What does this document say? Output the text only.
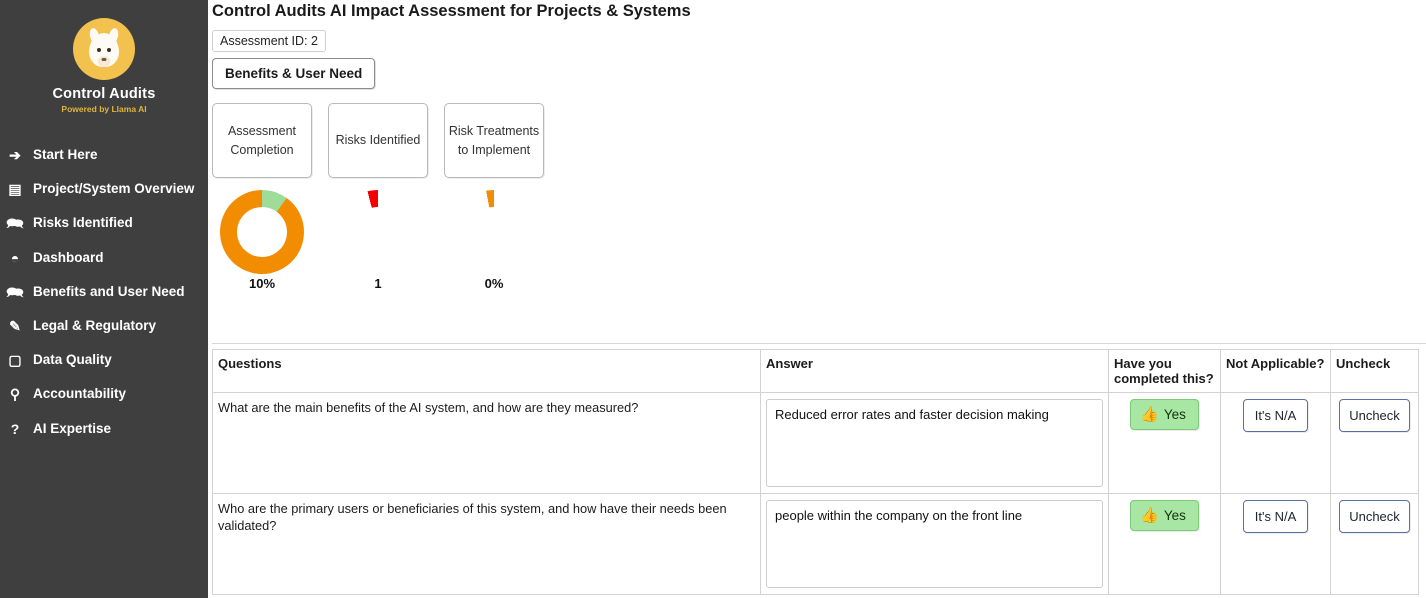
Control Audits
Powered by Llama AI
➔ Start Here
▤ Project/System Overview
🗪 Risks Identified
◓	Dashboard
🗪 Benefits and User Need
✎ Legal & Regulatory
▢ Data Quality
⚲ Accountability
?	AI Expertise
Control Audits AI Impact Assessment for Projects & Systems
Assessment ID: 2
Benefits & User Need
Assessment Completion
10%
Risks Identified
1
Risk Treatments to Implement
0%
Questions	Answer	Have you completed this?	Not Applicable?	Uncheck

What are the main benefits of the AI system, and how are they measured?	Reduced error rates and faster decision making	👍 Yes	It's N/A	Uncheck

Who are the primary users or beneficiaries of this system, and how have their needs been validated?	people within the company on the front line	👍 Yes	It's N/A	Uncheck
